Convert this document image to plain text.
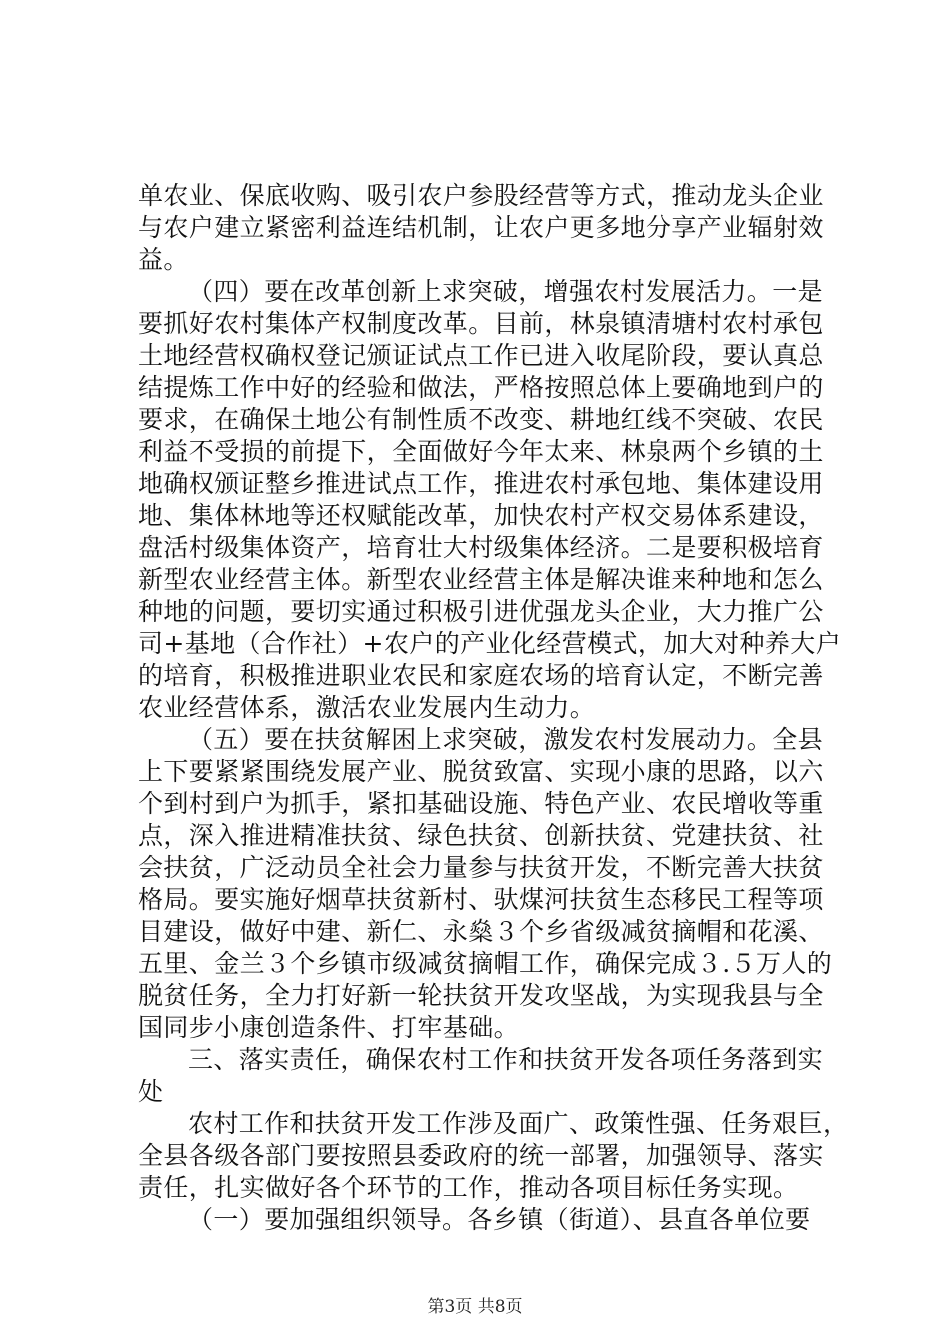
单农业、保底收购、吸引农户参股经营等方式，推动龙头企业
与农户建立紧密利益连结机制，让农户更多地分享产业辐射效
益。
（四）要在改革创新上求突破，增强农村发展活力。一是
要抓好农村集体产权制度改革。目前，林泉镇清塘村农村承包
土地经营权确权登记颁证试点工作已进入收尾阶段，要认真总
结提炼工作中好的经验和做法，严格按照总体上要确地到户的
要求，在确保土地公有制性质不改变、耕地红线不突破、农民
利益不受损的前提下，全面做好今年太来、林泉两个乡镇的土
地确权颁证整乡推进试点工作，推进农村承包地、集体建设用
地、集体林地等还权赋能改革，加快农村产权交易体系建设，
盘活村级集体资产，培育壮大村级集体经济。二是要积极培育
新型农业经营主体。新型农业经营主体是解决谁来种地和怎么
种地的问题，要切实通过积极引进优强龙头企业，大力推广公
司+基地（合作社）+农户的产业化经营模式，加大对种养大户
的培育，积极推进职业农民和家庭农场的培育认定，不断完善
农业经营体系，激活农业发展内生动力。
（五）要在扶贫解困上求突破，激发农村发展动力。全县
上下要紧紧围绕发展产业、脱贫致富、实现小康的思路，以六
个到村到户为抓手，紧扣基础设施、特色产业、农民增收等重
点，深入推进精准扶贫、绿色扶贫、创新扶贫、党建扶贫、社
会扶贫，广泛动员全社会力量参与扶贫开发，不断完善大扶贫
格局。要实施好烟草扶贫新村、驮煤河扶贫生态移民工程等项
目建设，做好中建、新仁、永燊３个乡省级减贫摘帽和花溪、
五里、金兰３个乡镇市级减贫摘帽工作，确保完成３.５万人的
脱贫任务，全力打好新一轮扶贫开发攻坚战，为实现我县与全
国同步小康创造条件、打牢基础。
三、落实责任，确保农村工作和扶贫开发各项任务落到实
处
农村工作和扶贫开发工作涉及面广、政策性强、任务艰巨，
全县各级各部门要按照县委政府的统一部署，加强领导、落实
责任，扎实做好各个环节的工作，推动各项目标任务实现。
（一）要加强组织领导。各乡镇（街道）、县直各单位要
第3页 共8页
